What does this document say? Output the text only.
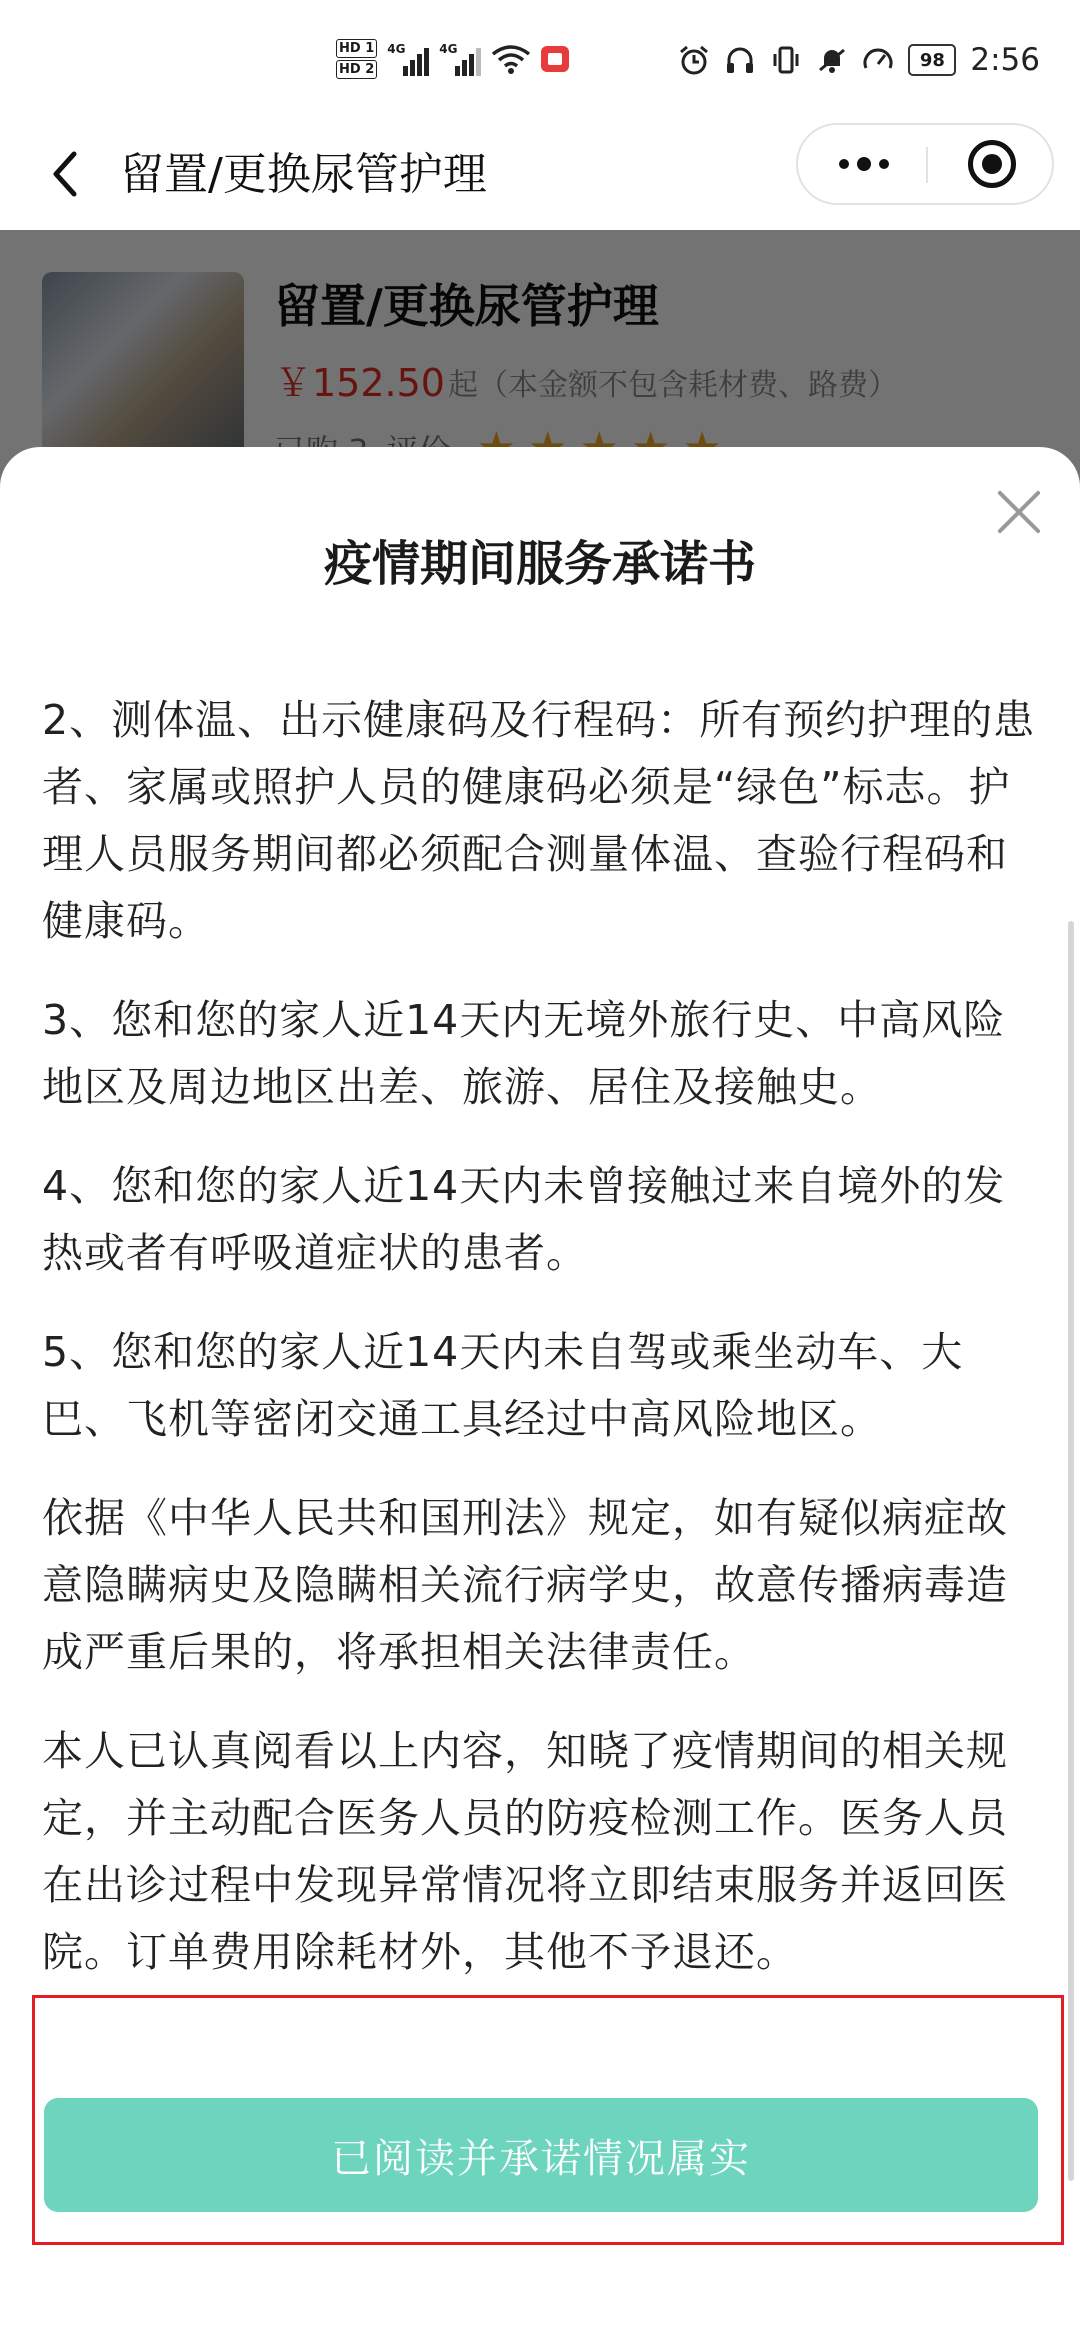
HD 1
HD 2
4G	4G
98 2:56
留置/更换尿管护理
疫情期间服务承诺书

2、测体温、出示健康码及行程码：所有预约护理的患者、家属或照护人员的健康码必须是“绿色”标志。护理人员服务期间都必须配合测量体温、查验行程码和健康码。

3、您和您的家人近14天内无境外旅行史、中高风险地区及周边地区出差、旅游、居住及接触史。

4、您和您的家人近14天内未曾接触过来自境外的发热或者有呼吸道症状的患者。

5、您和您的家人近14天内未自驾或乘坐动车、大巴、飞机等密闭交通工具经过中高风险地区。

依据《中华人民共和国刑法》规定，如有疑似病症故意隐瞒病史及隐瞒相关流行病学史，故意传播病毒造成严重后果的，将承担相关法律责任。

本人已认真阅看以上内容，知晓了疫情期间的相关规定，并主动配合医务人员的防疫检测工作。医务人员在出诊过程中发现异常情况将立即结束服务并返回医院。订单费用除耗材外，其他不予退还。

已阅读并承诺情况属实
